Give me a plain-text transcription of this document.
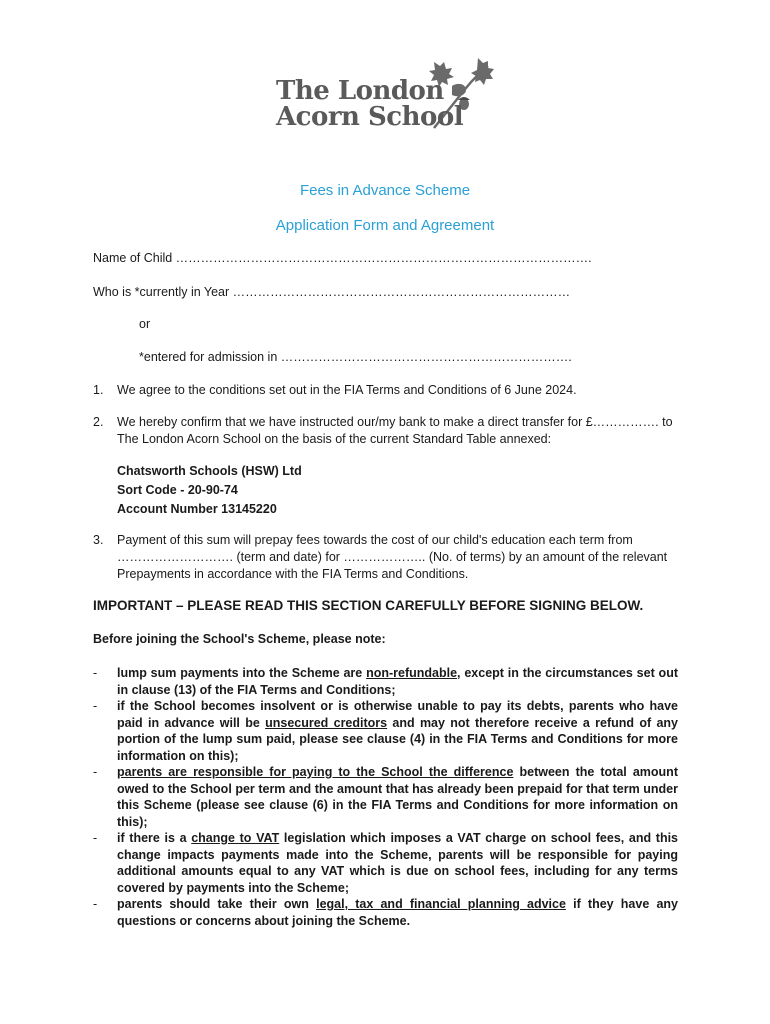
The London
Acorn School
Fees in Advance Scheme
Application Form and Agreement
Name of Child ……………………………………………………………………………………….
Who is *currently in Year ………………………………………………………………………
or
*entered for admission in …………………………………………………………….
1. We agree to the conditions set out in the FIA Terms and Conditions of 6 June 2024.
2. We hereby confirm that we have instructed our/my bank to make a direct transfer for £……………. to The London Acorn School on the basis of the current Standard Table annexed:
Chatsworth Schools (HSW) Ltd
Sort Code - 20-90-74
Account Number 13145220
3. Payment of this sum will prepay fees towards the cost of our child's education each term from ………………………. (term and date) for ……………….. (No. of terms) by an amount of the relevant Prepayments in accordance with the FIA Terms and Conditions.
IMPORTANT – PLEASE READ THIS SECTION CAREFULLY BEFORE SIGNING BELOW.
Before joining the School's Scheme, please note:
- lump sum payments into the Scheme are non-refundable, except in the circumstances set out in clause (13) of the FIA Terms and Conditions;
- if the School becomes insolvent or is otherwise unable to pay its debts, parents who have paid in advance will be unsecured creditors and may not therefore receive a refund of any portion of the lump sum paid, please see clause (4) in the FIA Terms and Conditions for more information on this);
- parents are responsible for paying to the School the difference between the total amount owed to the School per term and the amount that has already been prepaid for that term under this Scheme (please see clause (6) in the FIA Terms and Conditions for more information on this);
- if there is a change to VAT legislation which imposes a VAT charge on school fees, and this change impacts payments made into the Scheme, parents will be responsible for paying additional amounts equal to any VAT which is due on school fees, including for any terms covered by payments into the Scheme;
- parents should take their own legal, tax and financial planning advice if they have any questions or concerns about joining the Scheme.
